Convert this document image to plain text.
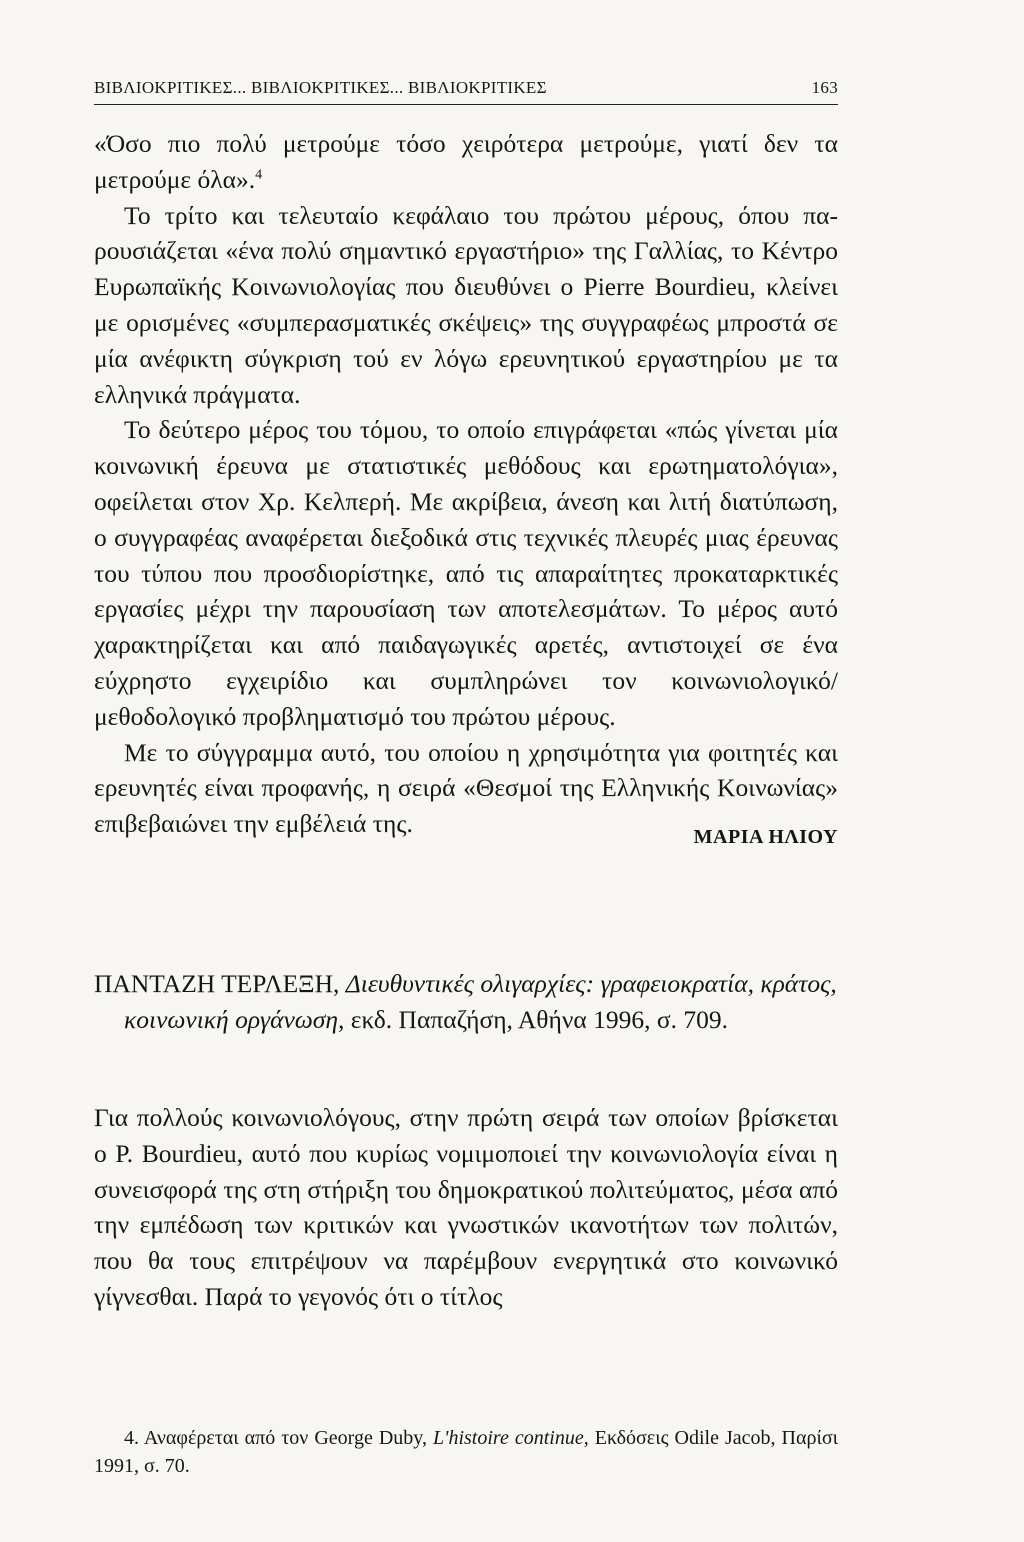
ΒΙΒΛΙΟΚΡΙΤΙΚΕΣ... ΒΙΒΛΙΟΚΡΙΤΙΚΕΣ... ΒΙΒΛΙΟΚΡΙΤΙΚΕΣ	163

«Όσο πιο πολύ μετρούμε τόσο χειρότερα μετρούμε, γιατί δεν τα μετρούμε όλα».$^4$

Το τρίτο και τελευταίο κεφάλαιο του πρώτου μέρους, όπου παρουσιάζεται «ένα πολύ σημαντικό εργαστήριο» της Γαλλίας, το Κέντρο Ευρωπαϊκής Κοινωνιολογίας που διευθύνει ο Pierre Bourdieu, κλείνει με ορισμένες «συμπερασματικές σκέψεις» της συγγραφέως μπροστά σε μία ανέφικτη σύγκριση τού εν λόγω ερευνητικού εργαστηρίου με τα ελληνικά πράγματα.

Το δεύτερο μέρος του τόμου, το οποίο επιγράφεται «πώς γίνεται μία κοινωνική έρευνα με στατιστικές μεθόδους και ερωτηματολόγια», οφείλεται στον Χρ. Κελπερή. Με ακρίβεια, άνεση και λιτή διατύπωση, ο συγγραφέας αναφέρεται διεξοδικά στις τεχνικές πλευρές μιας έρευνας του τύπου που προσδιορίστηκε, από τις απαραίτητες προκαταρκτικές εργασίες μέχρι την παρουσίαση των αποτελεσμάτων. Το μέρος αυτό χαρακτηρίζεται και από παιδαγωγικές αρετές, αντιστοιχεί σε ένα εύχρηστο εγχειρίδιο και συμπληρώνει τον κοινωνιολογικό/μεθοδολογικό προβληματισμό του πρώτου μέρους.

Με το σύγγραμμα αυτό, του οποίου η χρησιμότητα για φοιτητές και ερευνητές είναι προφανής, η σειρά «Θεσμοί της Ελληνικής Κοινωνίας» επιβεβαιώνει την εμβέλειά της.	ΜΑΡΙΑ ΗΛΙΟΥ
ΠΑΝΤΑΖΗ ΤΕΡΛΕΞΗ, Διευθυντικές ολιγαρχίες: γραφειοκρατία, κράτος, κοινωνική οργάνωση, εκδ. Παπαζήση, Αθήνα 1996, σ. 709.

Για πολλούς κοινωνιολόγους, στην πρώτη σειρά των οποίων βρίσκεται ο P. Bourdieu, αυτό που κυρίως νομιμοποιεί την κοινωνιολογία είναι η συνεισφορά της στη στήριξη του δημοκρατικού πολιτεύματος, μέσα από την εμπέδωση των κριτικών και γνωστικών ικανοτήτων των πολιτών, που θα τους επιτρέψουν να παρέμβουν ενεργητικά στο κοινωνικό γίγνεσθαι. Παρά το γεγονός ότι ο τίτλος

4. Αναφέρεται από τον George Duby, L'histoire continue, Εκδόσεις Odile Jacob, Παρίσι 1991, σ. 70.
